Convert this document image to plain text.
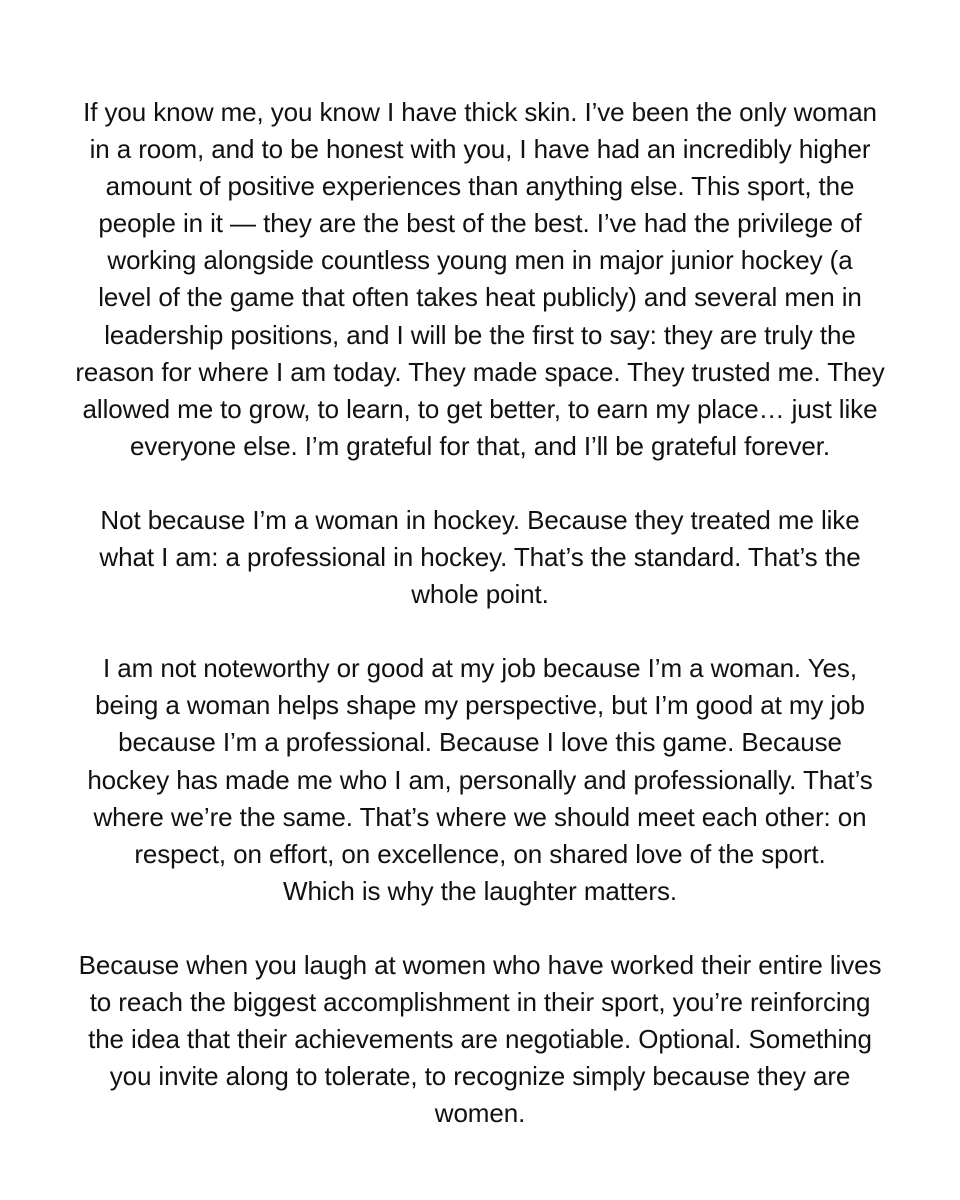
If you know me, you know I have thick skin. I’ve been the only woman
in a room, and to be honest with you, I have had an incredibly higher
amount of positive experiences than anything else. This sport, the
people in it — they are the best of the best. I’ve had the privilege of
working alongside countless young men in major junior hockey (a
level of the game that often takes heat publicly) and several men in
leadership positions, and I will be the first to say: they are truly the
reason for where I am today. They made space. They trusted me. They
allowed me to grow, to learn, to get better, to earn my place… just like
everyone else. I’m grateful for that, and I’ll be grateful forever.

Not because I’m a woman in hockey. Because they treated me like
what I am: a professional in hockey. That’s the standard. That’s the
whole point.

I am not noteworthy or good at my job because I’m a woman. Yes,
being a woman helps shape my perspective, but I’m good at my job
because I’m a professional. Because I love this game. Because
hockey has made me who I am, personally and professionally. That’s
where we’re the same. That’s where we should meet each other: on
respect, on effort, on excellence, on shared love of the sport.
Which is why the laughter matters.

Because when you laugh at women who have worked their entire lives
to reach the biggest accomplishment in their sport, you’re reinforcing
the idea that their achievements are negotiable. Optional. Something
you invite along to tolerate, to recognize simply because they are
women.
